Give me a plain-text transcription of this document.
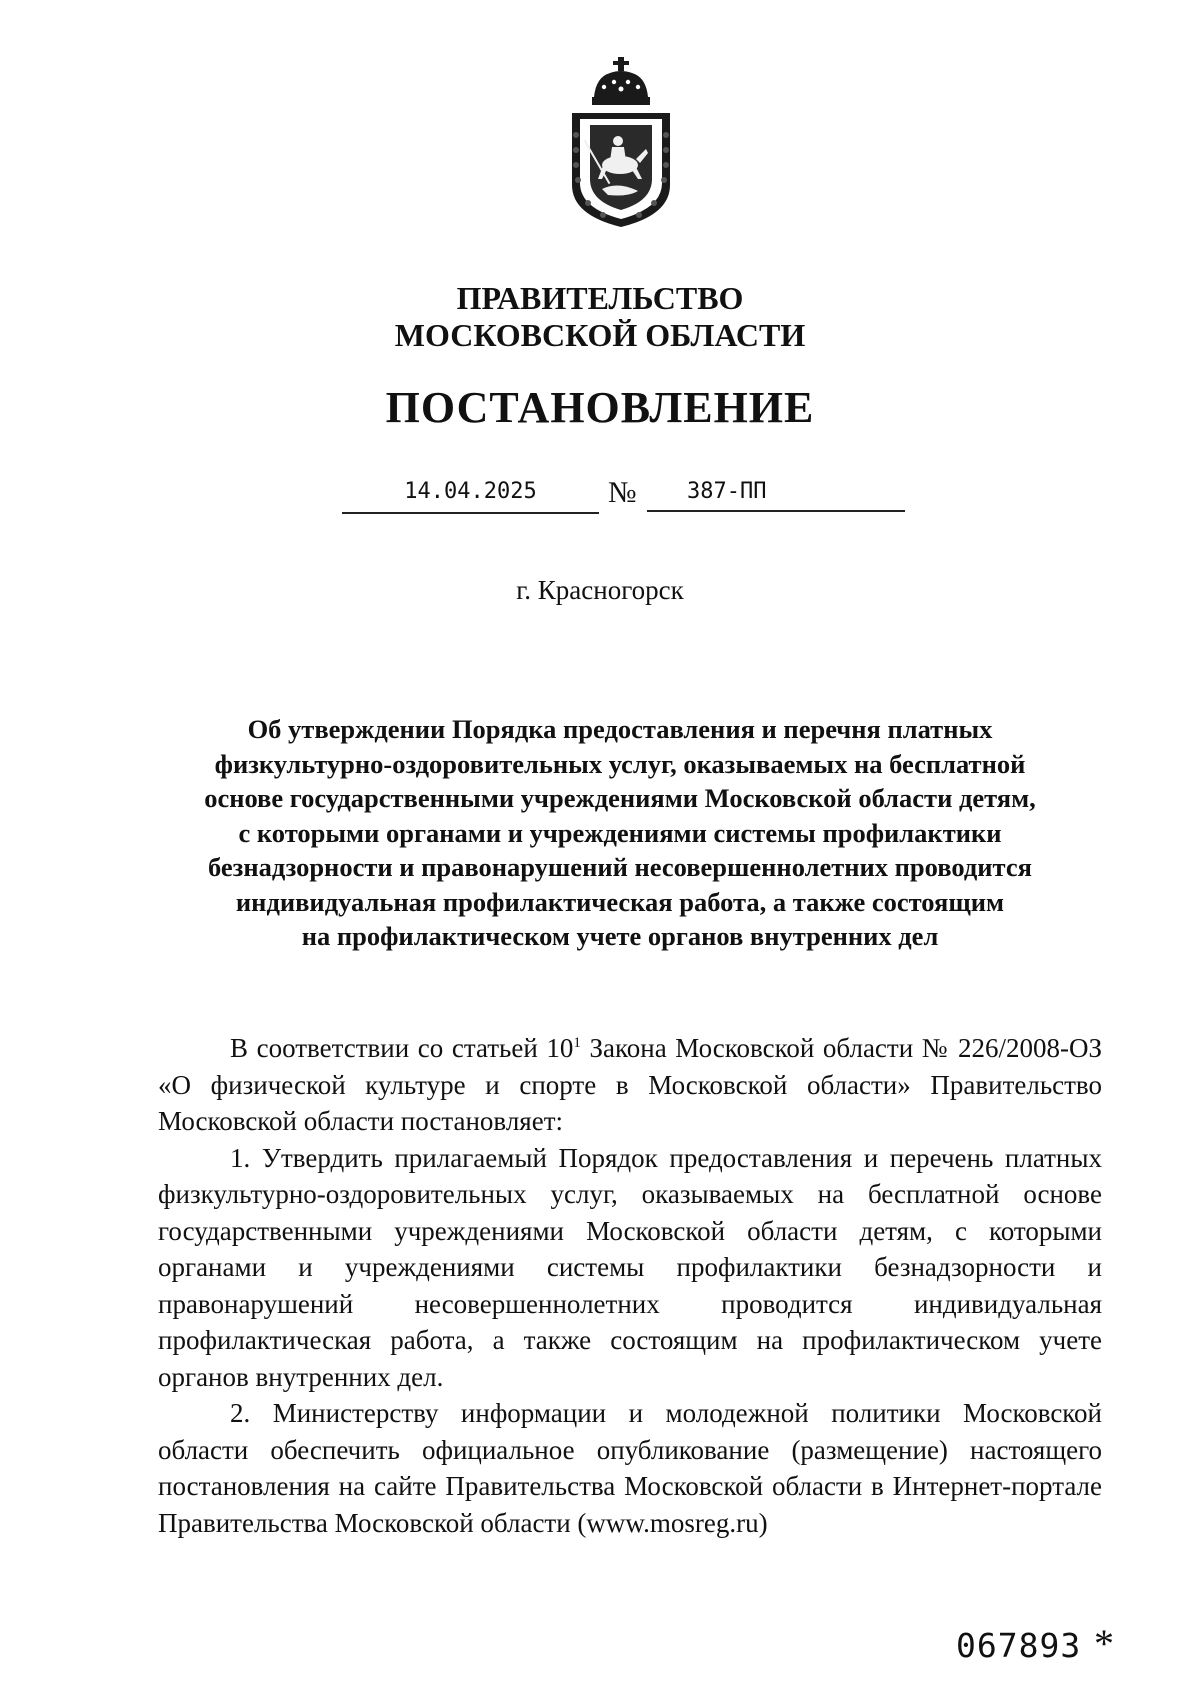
ПРАВИТЕЛЬСТВО
МОСКОВСКОЙ ОБЛАСТИ
ПОСТАНОВЛЕНИЕ
14.04.2025	№	387-ПП
г. Красногорск
Об утверждении Порядка предоставления и перечня платных
физкультурно-оздоровительных услуг, оказываемых на бесплатной
основе государственными учреждениями Московской области детям,
с которыми органами и учреждениями системы профилактики
безнадзорности и правонарушений несовершеннолетних проводится
индивидуальная профилактическая работа, а также состоящим
на профилактическом учете органов внутренних дел

В соответствии со статьей $10^1$ Закона Московской области № 226/2008-ОЗ «О физической культуре и спорте в Московской области» Правительство Московской области постановляет:

1. Утвердить прилагаемый Порядок предоставления и перечень платных физкультурно-оздоровительных услуг, оказываемых на бесплатной основе государственными учреждениями Московской области детям, с которыми органами и учреждениями системы профилактики безнадзорности и правонарушений несовершеннолетних проводится индивидуальная профилактическая работа, а также состоящим на профилактическом учете органов внутренних дел.

2. Министерству информации и молодежной политики Московской области обеспечить официальное опубликование (размещение) настоящего постановления на сайте Правительства Московской области в Интернет-портале Правительства Московской области (www.mosreg.ru)

067893 *
